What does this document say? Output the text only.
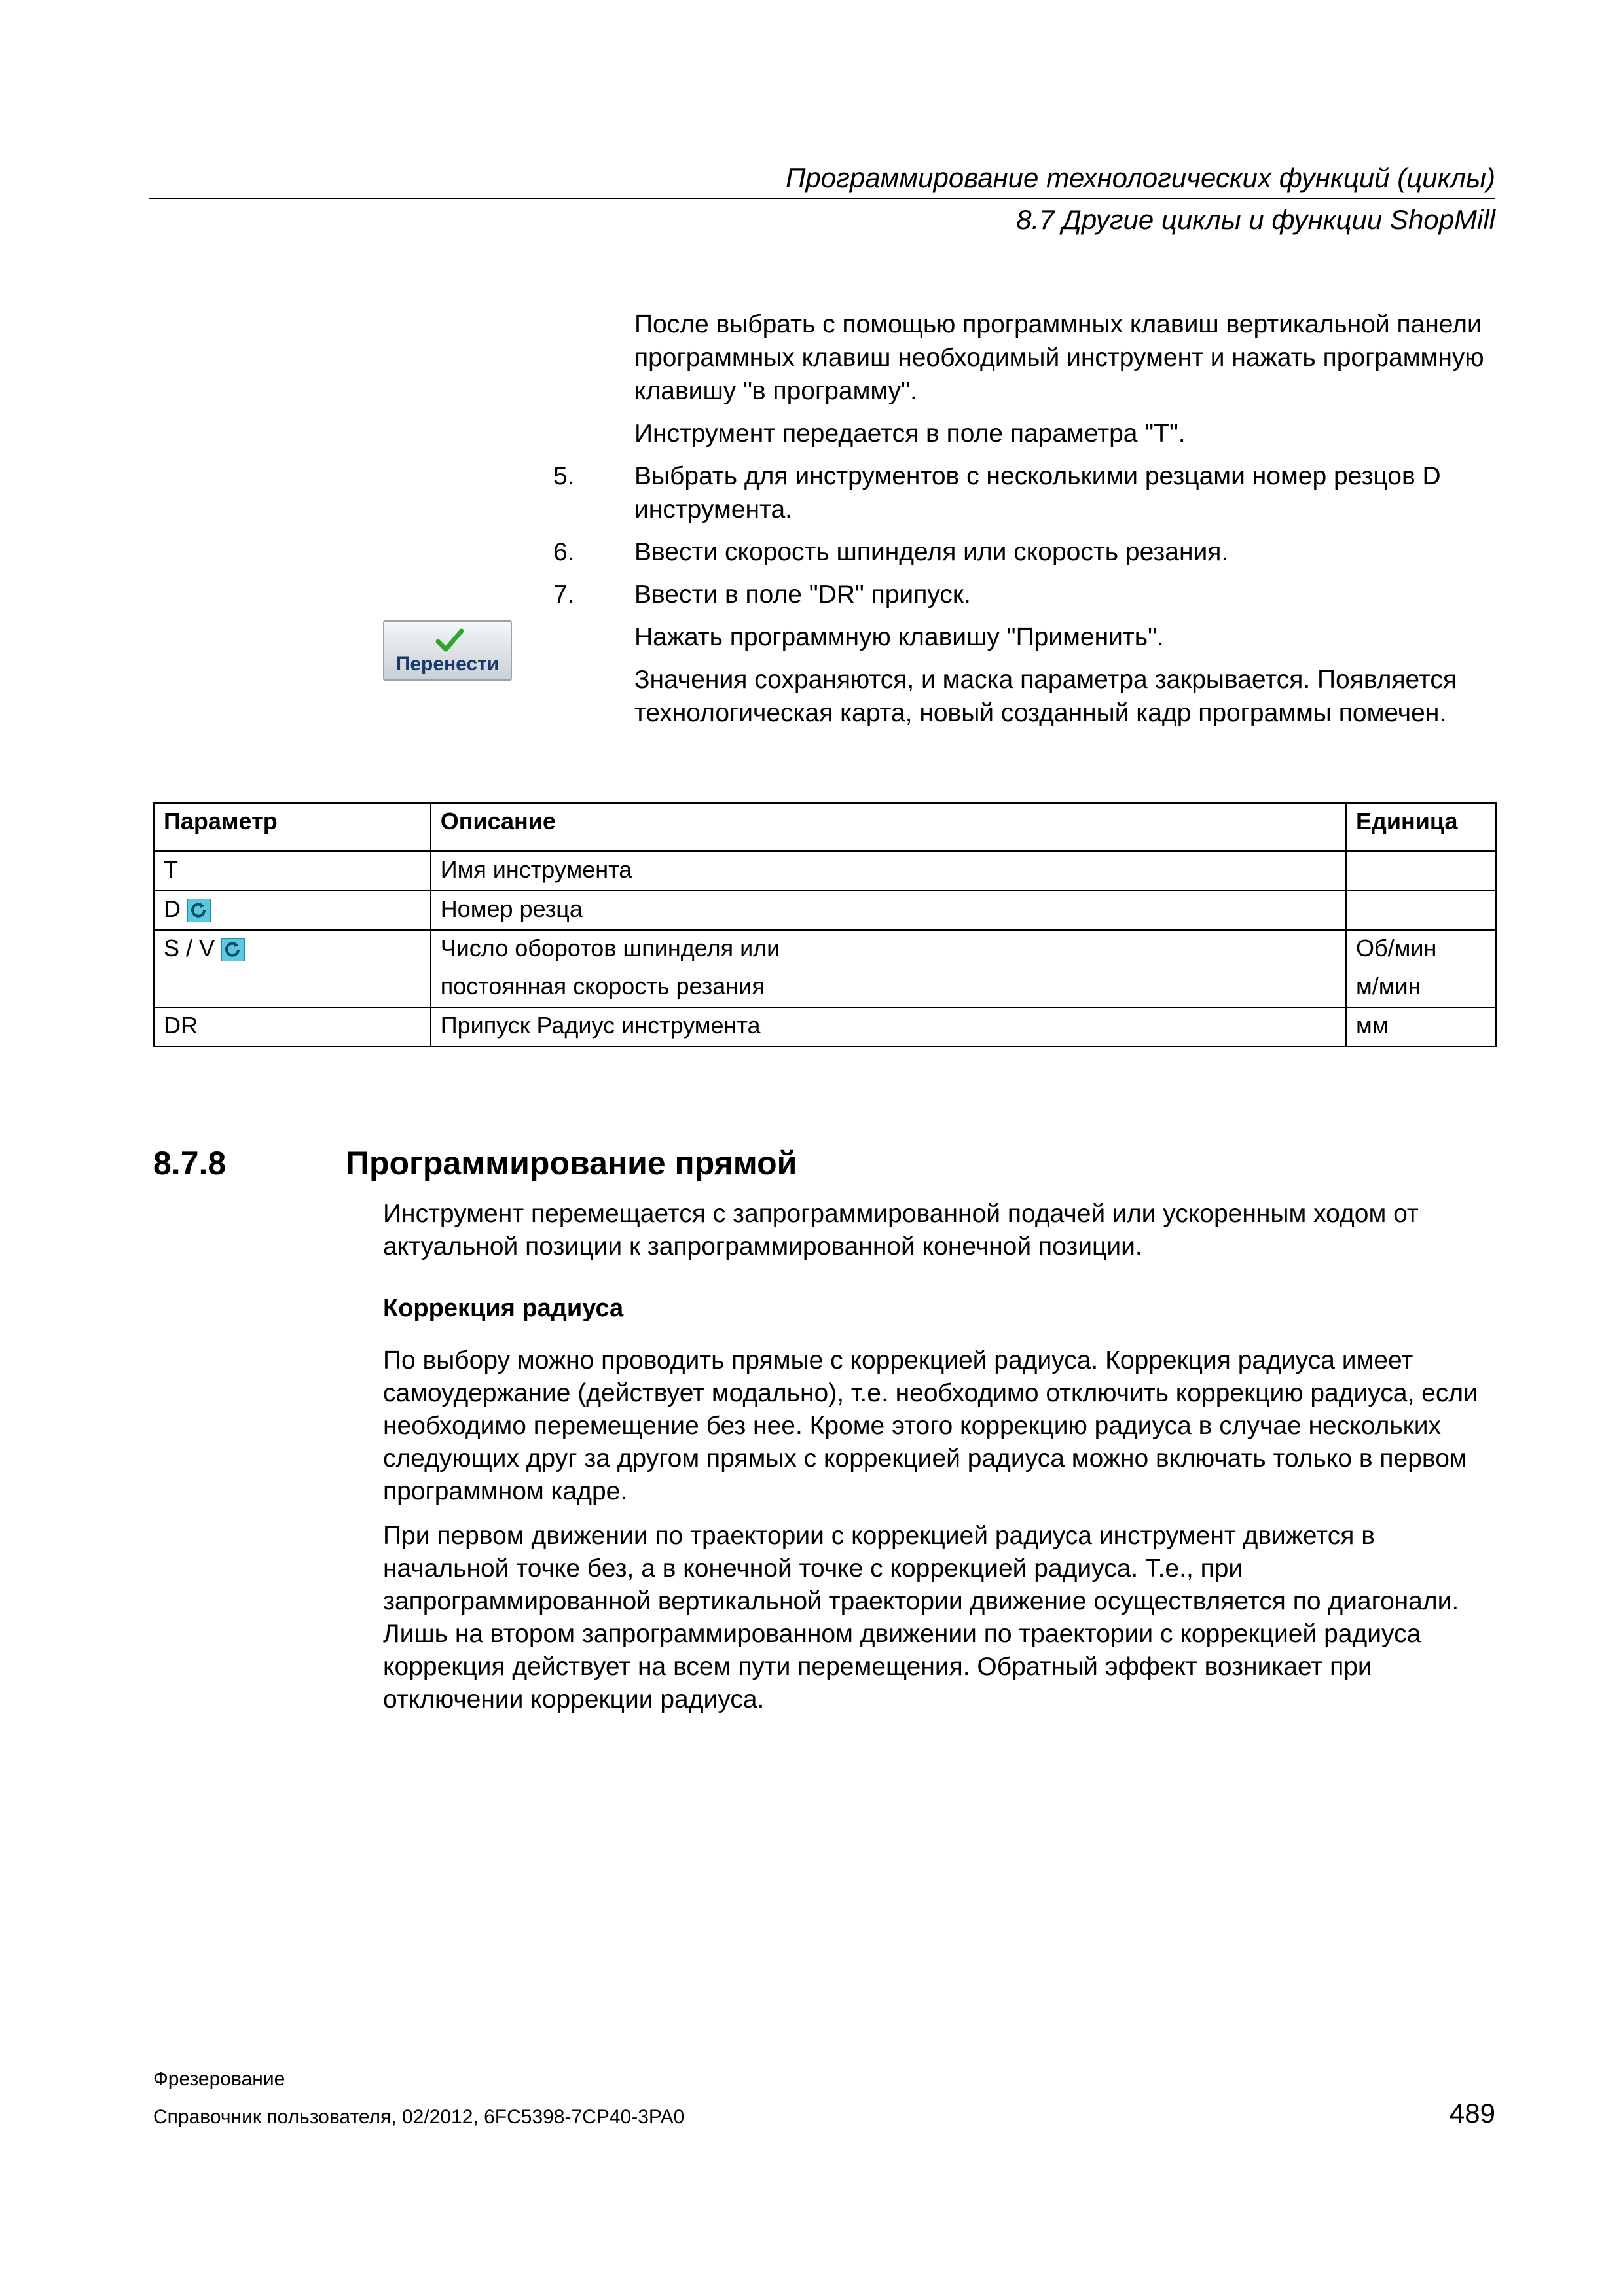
Программирование технологических функций (циклы)
8.7 Другие циклы и функции ShopMill
После выбрать с помощью программных клавиш вертикальной панели программных клавиш необходимый инструмент и нажать программную клавишу "в программу".
Инструмент передается в поле параметра "Т".
5.	Выбрать для инструментов с несколькими резцами номер резцов D инструмента.
6.	Ввести скорость шпинделя или скорость резания.
7.	Ввести в поле "DR" припуск.
Нажать программную клавишу "Применить".
Значения сохраняются, и маска параметра закрывается. Появляется технологическая карта, новый созданный кадр программы помечен.
Перенести
Параметр	Описание	Единица
T	Имя инструмента	
D	Номер резца	
S / V	Число оборотов шпинделя или	Об/мин
	постоянная скорость резания	м/мин
DR	Припуск Радиус инструмента	мм
8.7.8	Программирование прямой
Инструмент перемещается с запрограммированной подачей или ускоренным ходом от актуальной позиции к запрограммированной конечной позиции.
Коррекция радиуса
По выбору можно проводить прямые с коррекцией радиуса. Коррекция радиуса имеет самоудержание (действует модально), т.е. необходимо отключить коррекцию радиуса, если необходимо перемещение без нее. Кроме этого коррекцию радиуса в случае нескольких следующих друг за другом прямых с коррекцией радиуса можно включать только в первом программном кадре.
При первом движении по траектории с коррекцией радиуса инструмент движется в начальной точке без, а в конечной точке с коррекцией радиуса. Т.е., при запрограммированной вертикальной траектории движение осуществляется по диагонали. Лишь на втором запрограммированном движении по траектории с коррекцией радиуса коррекция действует на всем пути перемещения. Обратный эффект возникает при отключении коррекции радиуса.
Фрезерование
Справочник пользователя, 02/2012, 6FC5398-7CP40-3PA0	489
